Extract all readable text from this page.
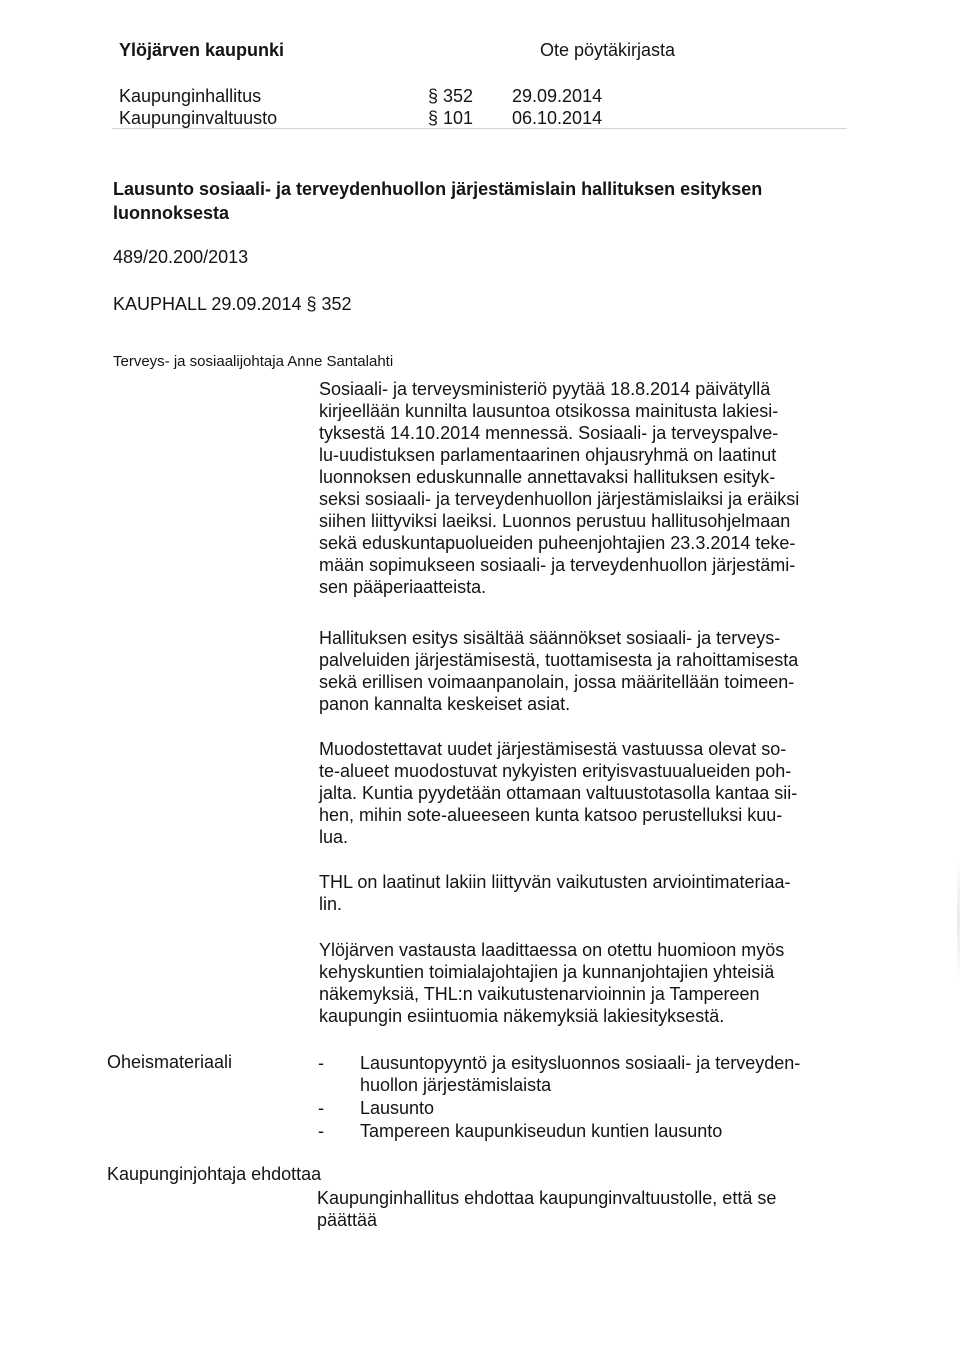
Ylöjärven kaupunki	Ote pöytäkirjasta
Kaupunginhallitus	§ 352 29.09.2014
Kaupunginvaltuusto	§ 101 06.10.2014
Lausunto sosiaali- ja terveydenhuollon järjestämislain hallituksen esityksen
luonnoksesta
489/20.200/2013
KAUPHALL 29.09.2014 § 352
Terveys- ja sosiaalijohtaja Anne Santalahti
Sosiaali- ja terveysministeriö pyytää 18.8.2014 päivätyllä
kirjeellään kunnilta lausuntoa otsikossa mainitusta lakiesi-
tyksestä 14.10.2014 mennessä. Sosiaali- ja terveyspalve-
lu-uudistuksen parlamentaarinen ohjausryhmä on laatinut
luonnoksen eduskunnalle annettavaksi hallituksen esityk-
seksi sosiaali- ja terveydenhuollon järjestämislaiksi ja eräiksi
siihen liittyviksi laeiksi. Luonnos perustuu hallitusohjelmaan
sekä eduskuntapuolueiden puheenjohtajien 23.3.2014 teke-
mään sopimukseen sosiaali- ja terveydenhuollon järjestämi-
sen pääperiaatteista.
Hallituksen esitys sisältää säännökset sosiaali- ja terveys-
palveluiden järjestämisestä, tuottamisesta ja rahoittamisesta
sekä erillisen voimaanpanolain, jossa määritellään toimeen-
panon kannalta keskeiset asiat.
Muodostettavat uudet järjestämisestä vastuussa olevat so-
te-alueet muodostuvat nykyisten erityisvastuualueiden poh-
jalta. Kuntia pyydetään ottamaan valtuustotasolla kantaa sii-
hen, mihin sote-alueeseen kunta katsoo perustelluksi kuu-
lua.
THL on laatinut lakiin liittyvän vaikutusten arviointimateriaa-
lin.
Ylöjärven vastausta laadittaessa on otettu huomioon myös
kehyskuntien toimialajohtajien ja kunnanjohtajien yhteisiä
näkemyksiä, THL:n vaikutustenarvioinnin ja Tampereen
kaupungin esiintuomia näkemyksiä lakiesityksestä.
Oheismateriaali	- Lausuntopyyntö ja esitysluonnos sosiaali- ja terveyden-
huollon järjestämislaista
- Lausunto
- Tampereen kaupunkiseudun kuntien lausunto
Kaupunginjohtaja ehdottaa
Kaupunginhallitus ehdottaa kaupunginvaltuustolle, että se
päättää
